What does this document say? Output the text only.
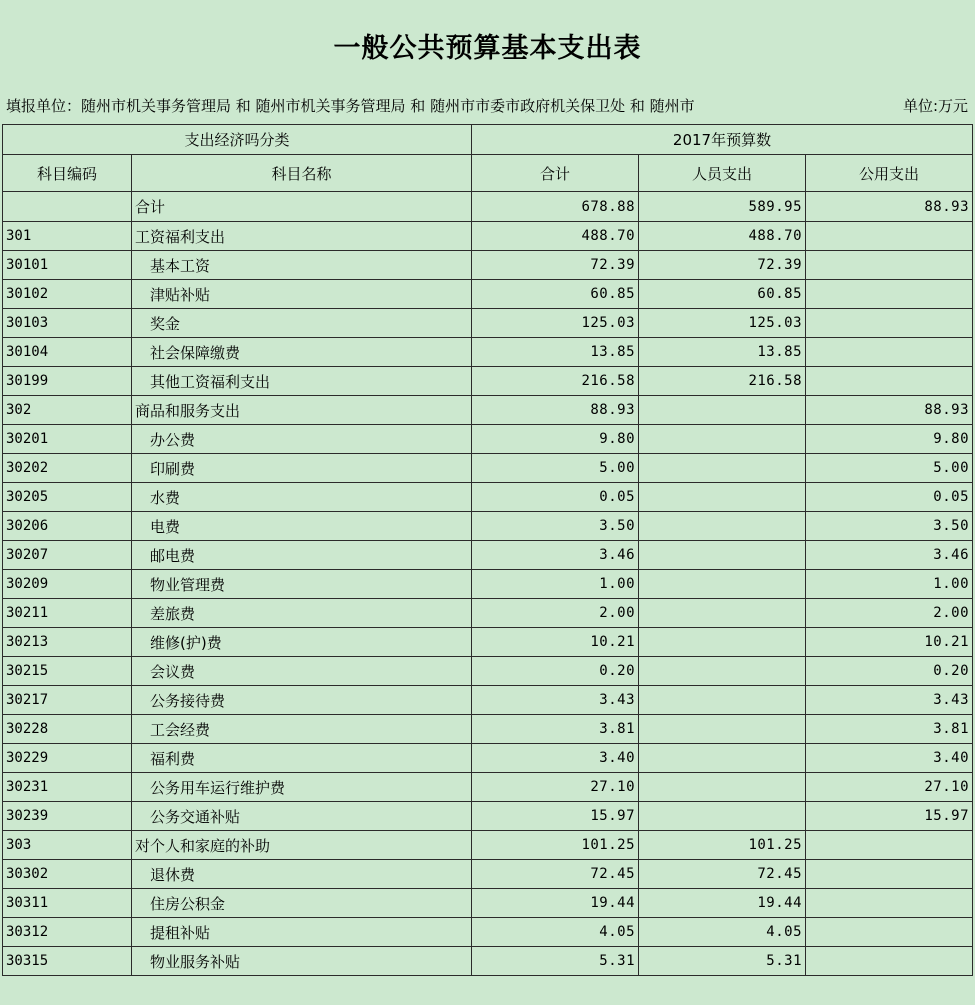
一般公共预算基本支出表
填报单位：随州市机关事务管理局 和 随州市机关事务管理局 和 随州市市委市政府机关保卫处 和 随州市	单位:万元
支出经济吗分类		2017年预算数		
科目编码	科目名称	合计	人员支出	公用支出
	合计	678.88	589.95	88.93
301	工资福利支出	488.70	488.70	
30101	基本工资	72.39	72.39	
30102	津贴补贴	60.85	60.85	
30103	奖金	125.03	125.03	
30104	社会保障缴费	13.85	13.85	
30199	其他工资福利支出	216.58	216.58	
302	商品和服务支出	88.93		88.93
30201	办公费	9.80		9.80
30202	印刷费	5.00		5.00
30205	水费	0.05		0.05
30206	电费	3.50		3.50
30207	邮电费	3.46		3.46
30209	物业管理费	1.00		1.00
30211	差旅费	2.00		2.00
30213	维修(护)费	10.21		10.21
30215	会议费	0.20		0.20
30217	公务接待费	3.43		3.43
30228	工会经费	3.81		3.81
30229	福利费	3.40		3.40
30231	公务用车运行维护费	27.10		27.10
30239	公务交通补贴	15.97		15.97
303	对个人和家庭的补助	101.25	101.25	
30302	退休费	72.45	72.45	
30311	住房公积金	19.44	19.44	
30312	提租补贴	4.05	4.05	
30315	物业服务补贴	5.31	5.31	
